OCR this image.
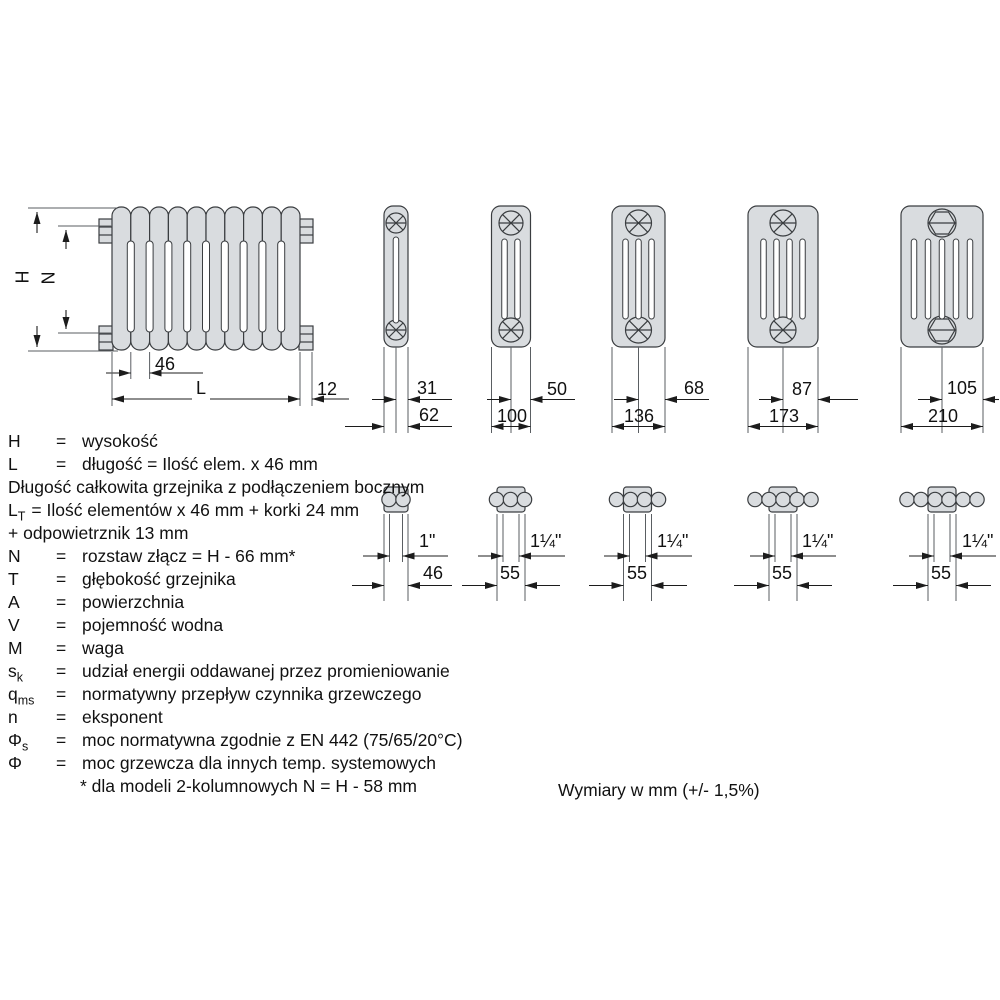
H N
46
L	12	31	50	68	87	105
62	100	136	173	210
1"	1¼"	1¼"	1¼"	1¼"
46	55	55	55	55
H = wysokość
L = długość = Ilość elem. x 46 mm
Długość całkowita grzejnika z podłączeniem bocznym
$L_T$ = Ilość elementów x 46 mm + korki 24 mm
+ odpowietrznik 13 mm
N = rozstaw złącz = H - 66 mm*
T = głębokość grzejnika
A = powierzchnia
V = pojemność wodna
M = waga
$s_k$ = udział energii oddawanej przez promieniowanie
$q_{ms}$ = normatywny przepływ czynnika grzewczego
n = eksponent
$\Phi_s$ = moc normatywna zgodnie z EN 442 (75/65/20°C)
Φ = moc grzewcza dla innych temp. systemowych
* dla modeli 2-kolumnowych N = H - 58 mm	Wymiary w mm (+/- 1,5%)
